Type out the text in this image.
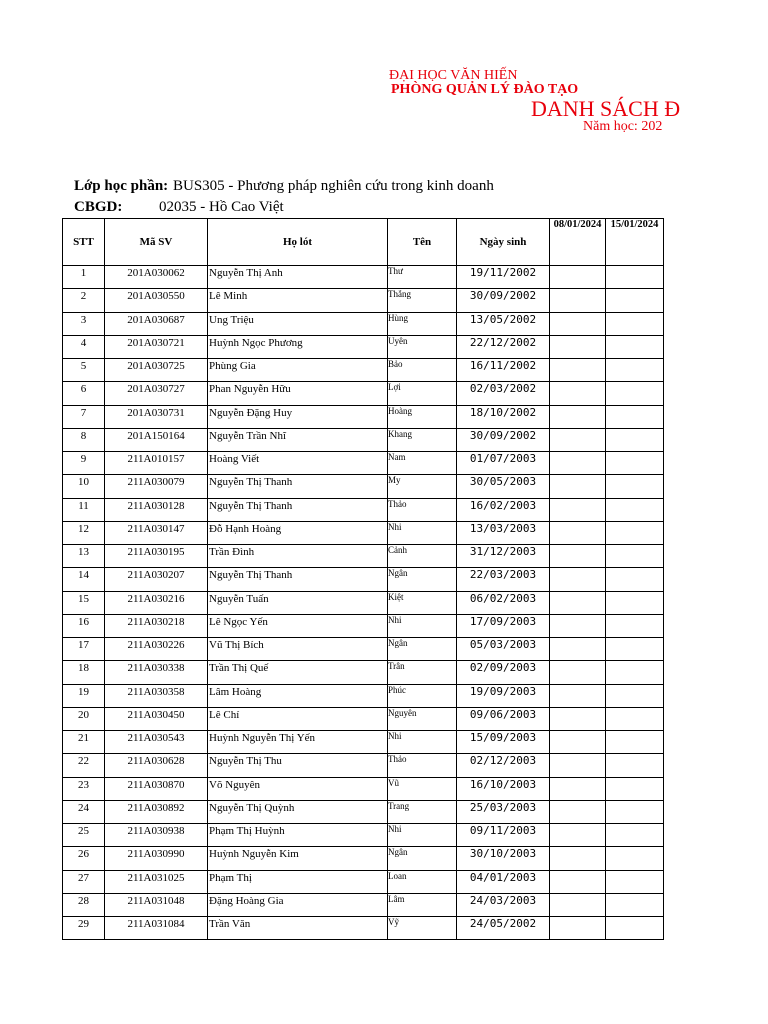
ĐẠI HỌC VĂN HIẾN
PHÒNG QUẢN LÝ ĐÀO TẠO
DANH SÁCH Đ
Năm học: 202
Lớp học phần: BUS305 - Phương pháp nghiên cứu trong kinh doanh
CBGD: 02035 - Hồ Cao Việt
STT	Mã SV	Họ lót	Tên	Ngày sinh	08/01/2024	15/01/2024
1	201A030062	Nguyễn Thị Anh	Thư	19/11/2002		
2	201A030550	Lê Minh	Thắng	30/09/2002		
3	201A030687	Ung Triệu	Hùng	13/05/2002		
4	201A030721	Huỳnh Ngọc Phương	Uyên	22/12/2002		
5	201A030725	Phùng Gia	Bảo	16/11/2002		
6	201A030727	Phan Nguyễn Hữu	Lợi	02/03/2002		
7	201A030731	Nguyễn Đặng Huy	Hoàng	18/10/2002		
8	201A150164	Nguyễn Trần Nhĩ	Khang	30/09/2002		
9	211A010157	Hoàng Viết	Nam	01/07/2003		
10	211A030079	Nguyễn Thị Thanh	My	30/05/2003		
11	211A030128	Nguyễn Thị Thanh	Thảo	16/02/2003		
12	211A030147	Đỗ Hạnh Hoàng	Nhi	13/03/2003		
13	211A030195	Trần Đình	Cảnh	31/12/2003		
14	211A030207	Nguyễn Thị Thanh	Ngân	22/03/2003		
15	211A030216	Nguyễn Tuấn	Kiệt	06/02/2003		
16	211A030218	Lê Ngọc Yến	Nhi	17/09/2003		
17	211A030226	Vũ Thị Bích	Ngân	05/03/2003		
18	211A030338	Trần Thị Quế	Trân	02/09/2003		
19	211A030358	Lâm Hoàng	Phúc	19/09/2003		
20	211A030450	Lê Chí	Nguyên	09/06/2003		
21	211A030543	Huỳnh Nguyễn Thị Yến	Nhi	15/09/2003		
22	211A030628	Nguyễn Thị Thu	Thảo	02/12/2003		
23	211A030870	Võ Nguyên	Vũ	16/10/2003		
24	211A030892	Nguyễn Thị Quỳnh	Trang	25/03/2003		
25	211A030938	Phạm Thị Huỳnh	Nhi	09/11/2003		
26	211A030990	Huỳnh Nguyễn Kim	Ngân	30/10/2003		
27	211A031025	Phạm Thị	Loan	04/01/2003		
28	211A031048	Đặng Hoàng Gia	Lâm	24/03/2003		
29	211A031084	Trần Văn	Vỹ	24/05/2002		
